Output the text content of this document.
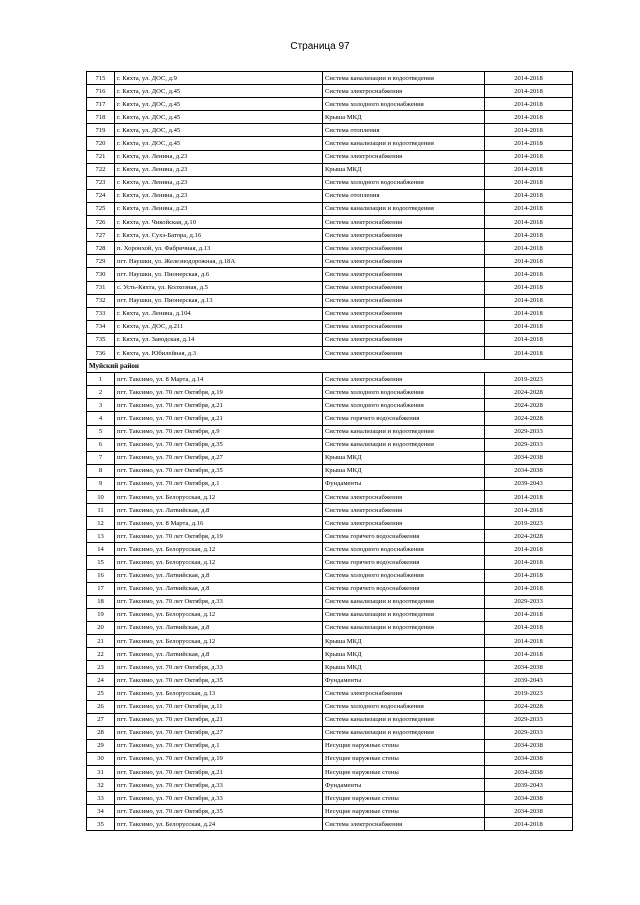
Страница 97
715	г. Кяхта, ул. ДОС, д.9	Система канализации и водоотведения	2014-2018
716	г. Кяхта, ул. ДОС, д.45	Система электроснабжения	2014-2018
717	г. Кяхта, ул. ДОС, д.45	Система холодного водоснабжения	2014-2018
718	г. Кяхта, ул. ДОС, д.45	Крыша МКД	2014-2018
719	г. Кяхта, ул. ДОС, д.45	Система отопления	2014-2018
720	г. Кяхта, ул. ДОС, д.45	Система канализации и водоотведения	2014-2018
721	г. Кяхта, ул. Ленина, д.23	Система электроснабжения	2014-2018
722	г. Кяхта, ул. Ленина, д.23	Крыша МКД	2014-2018
723	г. Кяхта, ул. Ленина, д.23	Система холодного водоснабжения	2014-2018
724	г. Кяхта, ул. Ленина, д.23	Система отопления	2014-2018
725	г. Кяхта, ул. Ленина, д.23	Система канализации и водоотведения	2014-2018
726	г. Кяхта, ул. Чикойская, д.10	Система электроснабжения	2014-2018
727	г. Кяхта, ул. Сухэ-Батора, д.16	Система электроснабжения	2014-2018
728	п. Хоронхой, ул. Фабричная, д.13	Система электроснабжения	2014-2018
729	пгт. Наушки, ул. Железнодорожная, д.18А	Система электроснабжения	2014-2018
730	пгт. Наушки, ул. Пионерская, д.6	Система электроснабжения	2014-2018
731	с. Усть-Кяхта, ул. Колхозная, д.5	Система электроснабжения	2014-2018
732	пгт. Наушки, ул. Пионерская, д.13	Система электроснабжения	2014-2018
733	г. Кяхта, ул. Ленина, д.104	Система электроснабжения	2014-2018
734	г. Кяхта, ул. ДОС, д.211	Система электроснабжения	2014-2018
735	г. Кяхта, ул. Заводская, д.14	Система электроснабжения	2014-2018
736	г. Кяхта, ул. Юбилейная, д.3	Система электроснабжения	2014-2018
Муйский район			
1	пгт. Таксимо, ул. 8 Марта, д.14	Система электроснабжения	2019-2023
2	пгт. Таксимо, ул. 70 лет Октября, д.19	Система холодного водоснабжения	2024-2028
3	пгт. Таксимо, ул. 70 лет Октября, д.21	Система холодного водоснабжения	2024-2028
4	пгт. Таксимо, ул. 70 лет Октября, д.21	Система горячего водоснабжения	2024-2028
5	пгт. Таксимо, ул. 70 лет Октября, д.9	Система канализации и водоотведения	2029-2033
6	пгт. Таксимо, ул. 70 лет Октября, д.35	Система канализации и водоотведения	2029-2033
7	пгт. Таксимо, ул. 70 лет Октября, д.27	Крыша МКД	2034-2038
8	пгт. Таксимо, ул. 70 лет Октября, д.35	Крыша МКД	2034-2038
9	пгт. Таксимо, ул. 70 лет Октября, д.1	Фундаменты	2039-2043
10	пгт. Таксимо, ул. Белорусская, д.12	Система электроснабжения	2014-2018
11	пгт. Таксимо, ул. Латвийская, д.8	Система электроснабжения	2014-2018
12	пгт. Таксимо, ул. 8 Марта, д.16	Система электроснабжения	2019-2023
13	пгт. Таксимо, ул. 70 лет Октября, д.19	Система горячего водоснабжения	2024-2028
14	пгт. Таксимо, ул. Белорусская, д.12	Система холодного водоснабжения	2014-2018
15	пгт. Таксимо, ул. Белорусская, д.12	Система горячего водоснабжения	2014-2018
16	пгт. Таксимо, ул. Латвийская, д.8	Система холодного водоснабжения	2014-2018
17	пгт. Таксимо, ул. Латвийская, д.8	Система горячего водоснабжения	2014-2018
18	пгт. Таксимо, ул. 70 лет Октября, д.33	Система канализации и водоотведения	2029-2033
19	пгт. Таксимо, ул. Белорусская, д.12	Система канализации и водоотведения	2014-2018
20	пгт. Таксимо, ул. Латвийская, д.8	Система канализации и водоотведения	2014-2018
21	пгт. Таксимо, ул. Белорусская, д.12	Крыша МКД	2014-2018
22	пгт. Таксимо, ул. Латвийская, д.8	Крыша МКД	2014-2018
23	пгт. Таксимо, ул. 70 лет Октября, д.33	Крыша МКД	2034-2038
24	пгт. Таксимо, ул. 70 лет Октября, д.35	Фундаменты	2039-2043
25	пгт. Таксимо, ул. Белорусская, д.13	Система электроснабжения	2019-2023
26	пгт. Таксимо, ул. 70 лет Октября, д.11	Система холодного водоснабжения	2024-2028
27	пгт. Таксимо, ул. 70 лет Октября, д.21	Система канализации и водоотведения	2029-2033
28	пгт. Таксимо, ул. 70 лет Октября, д.27	Система канализации и водоотведения	2029-2033
29	пгт. Таксимо, ул. 70 лет Октября, д.1	Несущие наружные стены	2034-2038
30	пгт. Таксимо, ул. 70 лет Октября, д.19	Несущие наружные стены	2034-2038
31	пгт. Таксимо, ул. 70 лет Октября, д.21	Несущие наружные стены	2034-2038
32	пгт. Таксимо, ул. 70 лет Октября, д.33	Фундаменты	2039-2043
33	пгт. Таксимо, ул. 70 лет Октября, д.33	Несущие наружные стены	2034-2038
34	пгт. Таксимо, ул. 70 лет Октября, д.35	Несущие наружные стены	2034-2038
35	пгт. Таксимо, ул. Белорусская, д.24	Система электроснабжения	2014-2018
